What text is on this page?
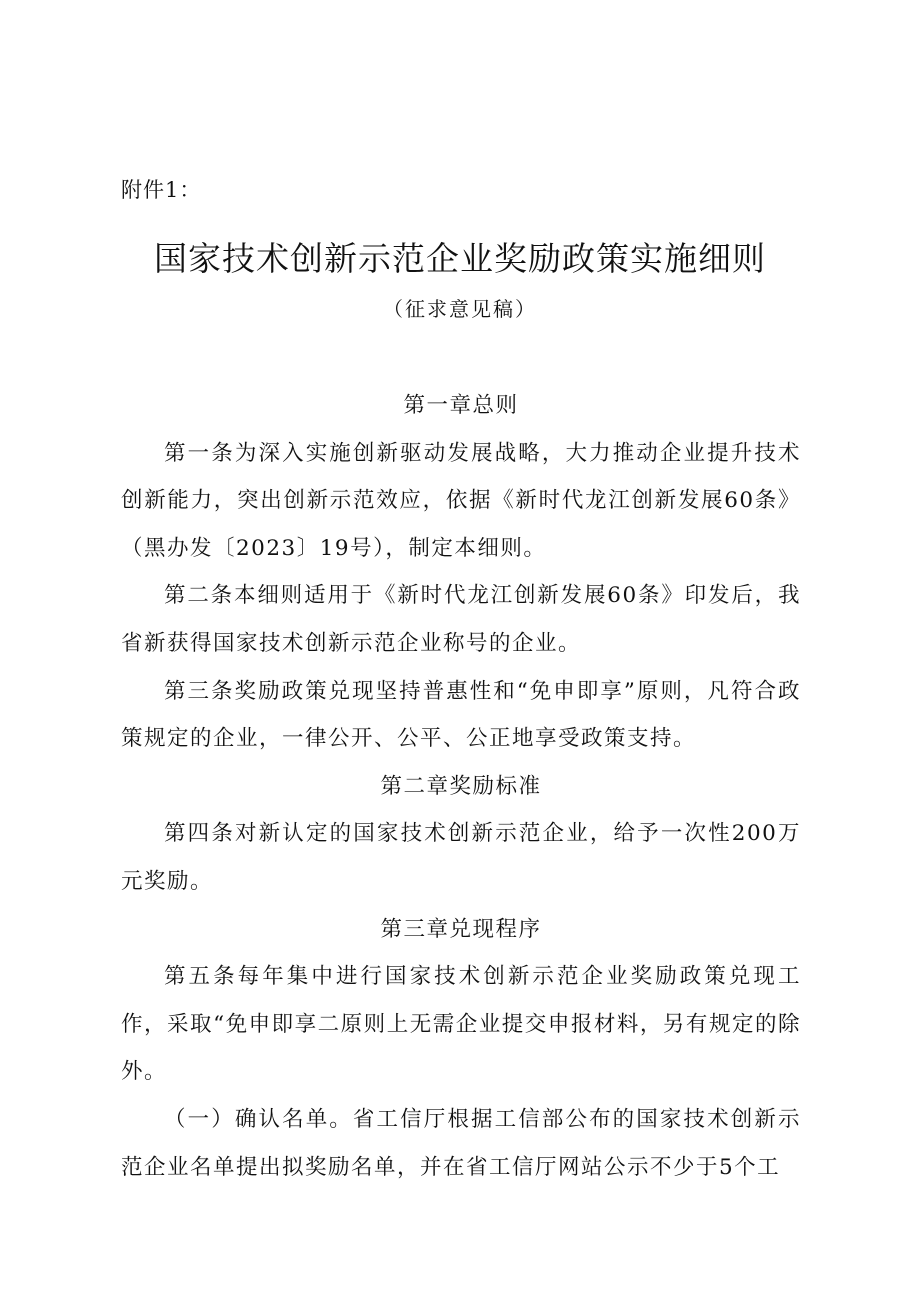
附件1：
国家技术创新示范企业奖励政策实施细则
（征求意见稿）

第一章总则

第一条为深入实施创新驱动发展战略，大力推动企业提升技术创新能力，突出创新示范效应，依据《新时代龙江创新发展60条》（黑办发〔2023〕19号），制定本细则。

第二条本细则适用于《新时代龙江创新发展60条》印发后，我省新获得国家技术创新示范企业称号的企业。

第三条奖励政策兑现坚持普惠性和“免申即享”原则，凡符合政策规定的企业，一律公开、公平、公正地享受政策支持。

第二章奖励标准

第四条对新认定的国家技术创新示范企业，给予一次性200万元奖励。

第三章兑现程序

第五条每年集中进行国家技术创新示范企业奖励政策兑现工作，采取“免申即享二原则上无需企业提交申报材料，另有规定的除外。

（一）确认名单。省工信厅根据工信部公布的国家技术创新示范企业名单提出拟奖励名单，并在省工信厅网站公示不少于5个工
